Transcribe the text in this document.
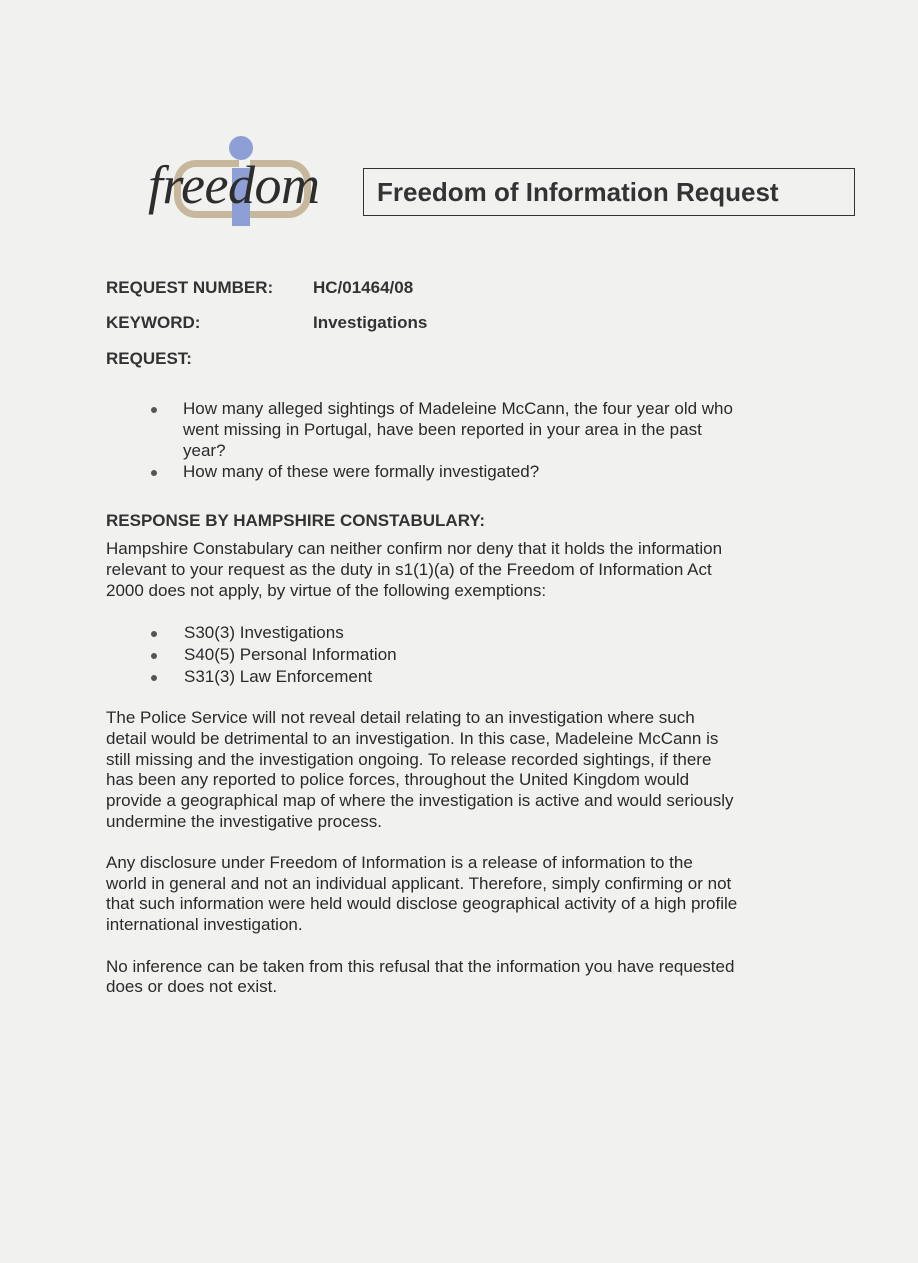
freedom Freedom of Information Request
REQUEST NUMBER: HC/01464/08
KEYWORD:	Investigations
REQUEST:
How many alleged sightings of Madeleine McCann, the four year old who
went missing in Portugal, have been reported in your area in the past
year?
How many of these were formally investigated?
RESPONSE BY HAMPSHIRE CONSTABULARY:
Hampshire Constabulary can neither confirm nor deny that it holds the information
relevant to your request as the duty in s1(1)(a) of the Freedom of Information Act
2000 does not apply, by virtue of the following exemptions:
S30(3) Investigations
S40(5) Personal Information
S31(3) Law Enforcement
The Police Service will not reveal detail relating to an investigation where such
detail would be detrimental to an investigation. In this case, Madeleine McCann is
still missing and the investigation ongoing. To release recorded sightings, if there
has been any reported to police forces, throughout the United Kingdom would
provide a geographical map of where the investigation is active and would seriously
undermine the investigative process.
Any disclosure under Freedom of Information is a release of information to the
world in general and not an individual applicant. Therefore, simply confirming or not
that such information were held would disclose geographical activity of a high profile
international investigation.
No inference can be taken from this refusal that the information you have requested
does or does not exist.
